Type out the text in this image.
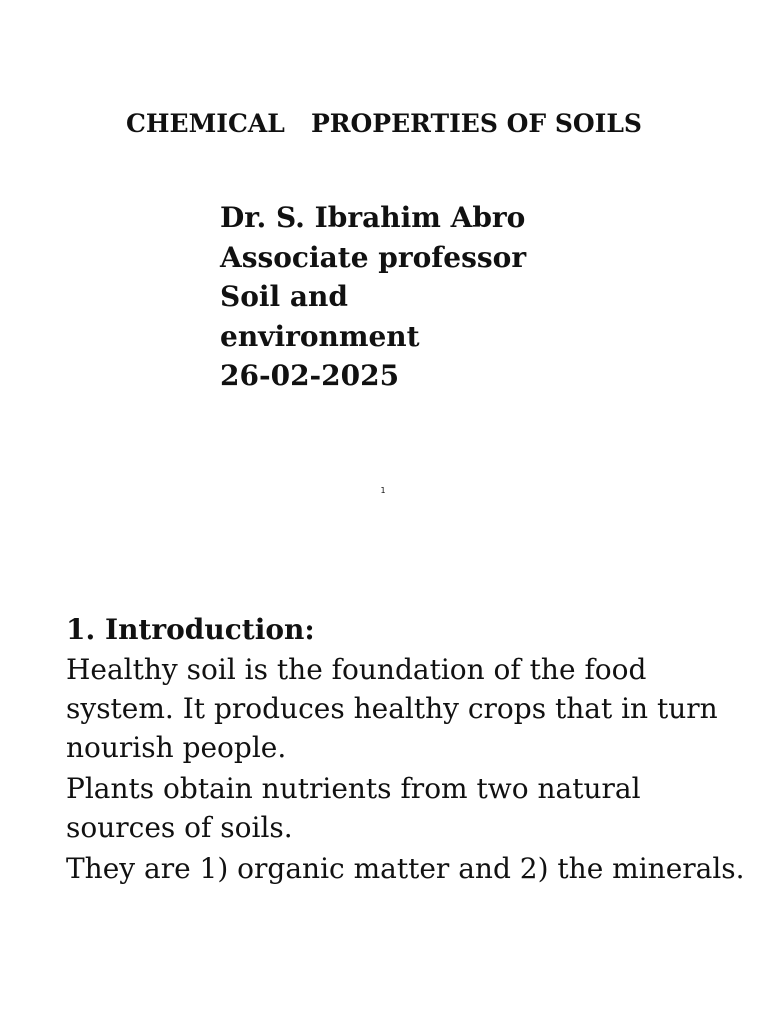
CHEMICAL   PROPERTIES OF SOILS
Dr. S. Ibrahim Abro
Associate professor
Soil and
environment
26-02-2025
1

1. Introduction:

Healthy soil is the foundation of the food system. It produces healthy crops that in turn nourish people.

Plants obtain nutrients from two natural sources of soils.

They are 1) organic matter and 2) the minerals.
